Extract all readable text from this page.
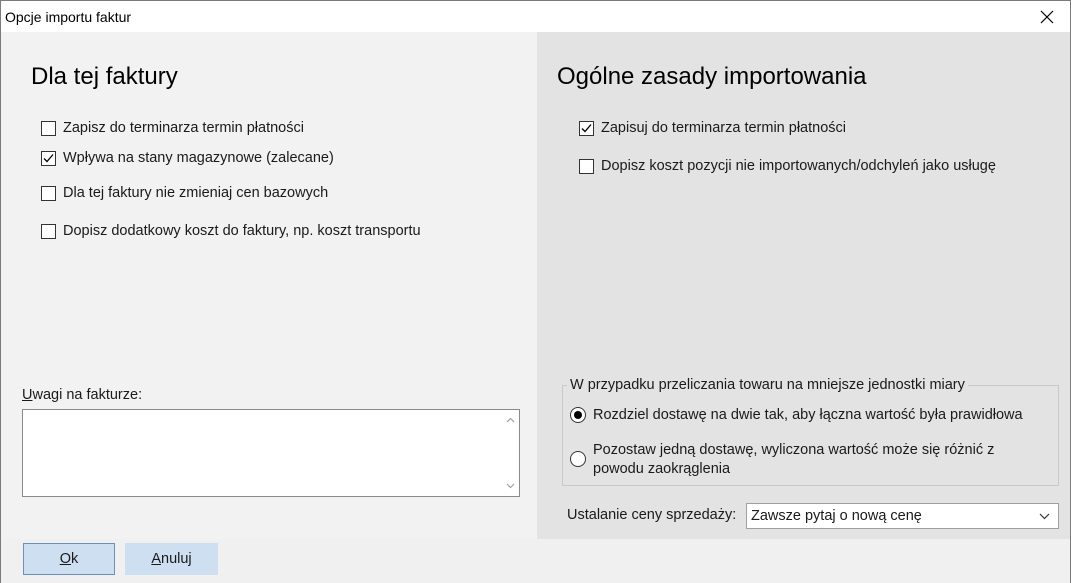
Opcje importu faktur
Dla tej faktury
Zapisz do terminarza termin płatności
Wpływa na stany magazynowe (zalecane)
Dla tej faktury nie zmieniaj cen bazowych
Dopisz dodatkowy koszt do faktury, np. koszt transportu
Uwagi na fakturze:
Ogólne zasady importowania
Zapisuj do terminarza termin płatności
Dopisz koszt pozycji nie importowanych/odchyleń jako usługę
W przypadku przeliczania towaru na mniejsze jednostki miary
Rozdziel dostawę na dwie tak, aby łączna wartość była prawidłowa
Pozostaw jedną dostawę, wyliczona wartość może się różnić z powodu zaokrąglenia
Ustalanie ceny sprzedaży: Zawsze pytaj o nową cenę
O k	A nuluj
